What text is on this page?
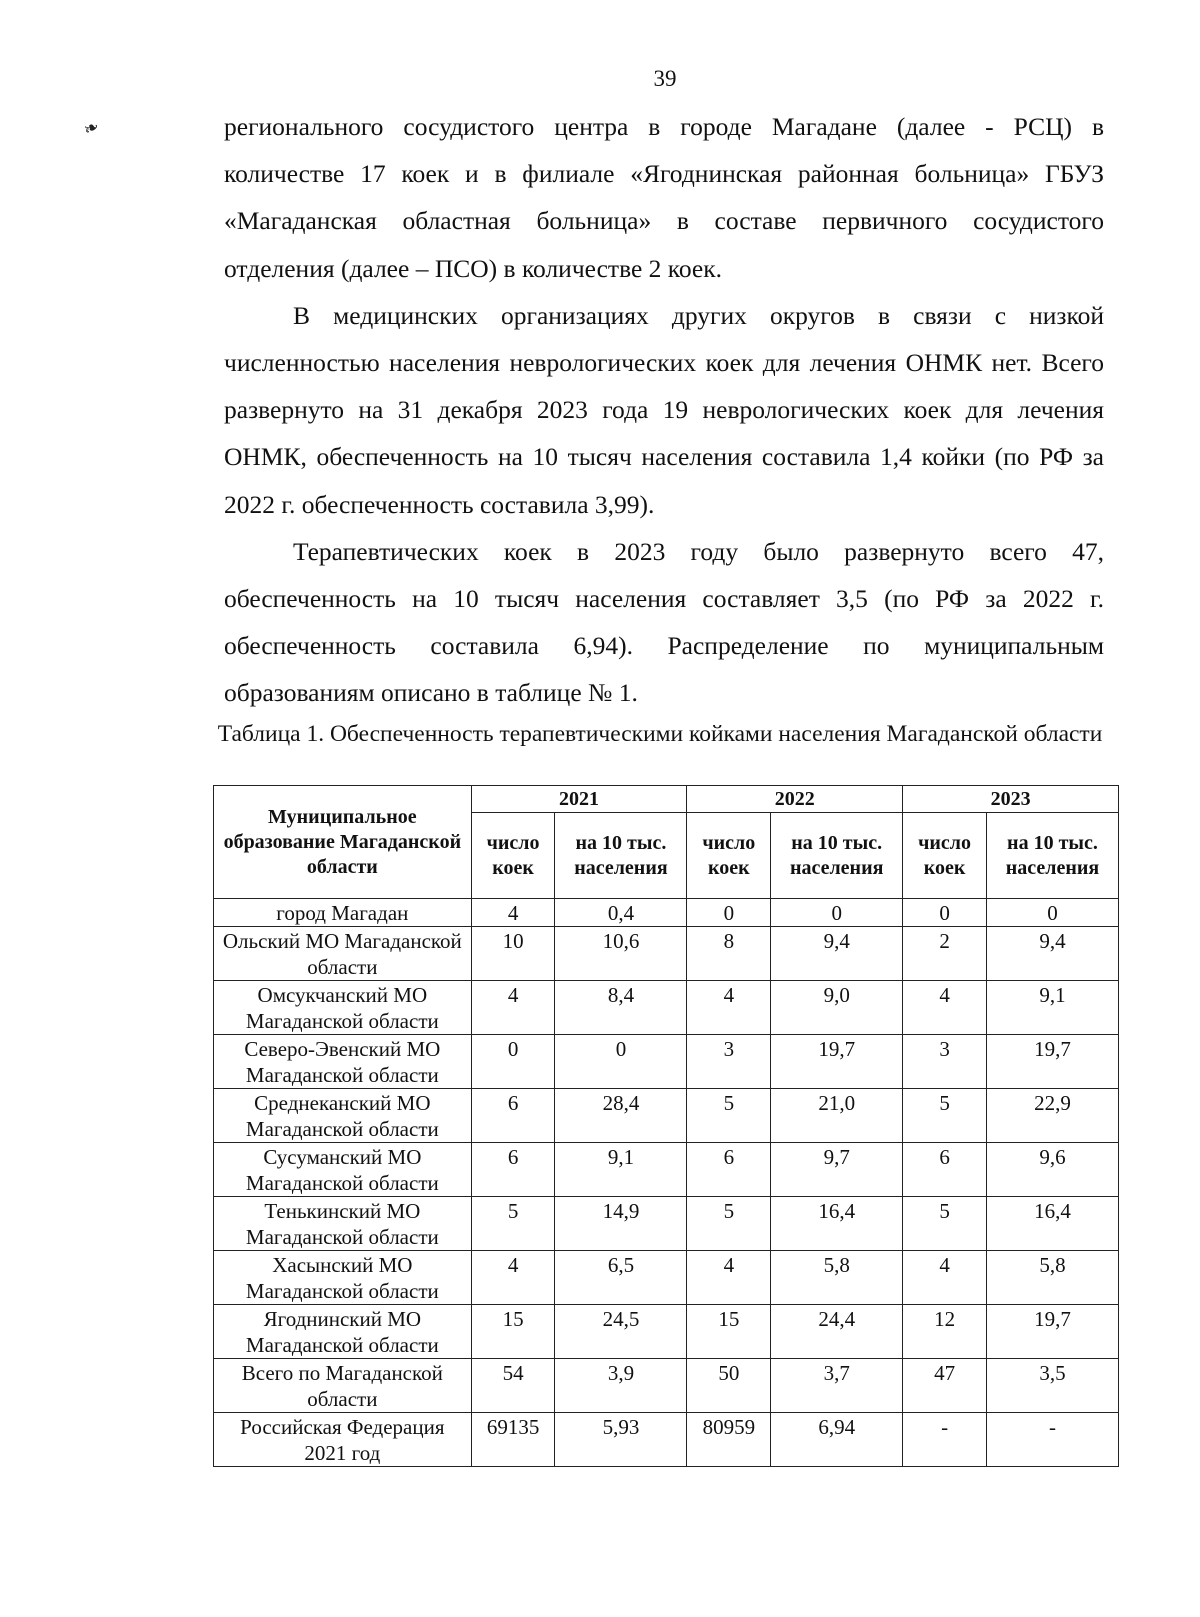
39
❧	регионального сосудистого центра в городе Магадане (далее - РСЦ) в количестве 17 коек и в филиале «Ягоднинская районная больница» ГБУЗ «Магаданская областная больница» в составе первичного сосудистого отделения (далее – ПСО) в количестве 2 коек.

В медицинских организациях других округов в связи с низкой численностью населения неврологических коек для лечения ОНМК нет. Всего развернуто на 31 декабря 2023 года 19 неврологических коек для лечения ОНМК, обеспеченность на 10 тысяч населения составила 1,4 койки (по РФ за 2022 г. обеспеченность составила 3,99).

Терапевтических коек в 2023 году было развернуто всего 47, обеспеченность на 10 тысяч населения составляет 3,5 (по РФ за 2022 г. обеспеченность составила 6,94). Распределение по муниципальным образованиям описано в таблице № 1.

Таблица 1. Обеспеченность терапевтическими койками населения Магаданской области
Муниципальное образование Магаданской области	2021		2022		2023	
	число коек	на 10 тыс. населения	число коек	на 10 тыс. населения	число коек	на 10 тыс. населения
город Магадан	4	0,4	0	0	0	0
Ольский МО Магаданской области	10	10,6	8	9,4	2	9,4
Омсукчанский МО Магаданской области	4	8,4	4	9,0	4	9,1
Северо-Эвенский МО Магаданской области	0	0	3	19,7	3	19,7
Среднеканский МО Магаданской области	6	28,4	5	21,0	5	22,9
Сусуманский МО Магаданской области	6	9,1	6	9,7	6	9,6
Тенькинский МО Магаданской области	5	14,9	5	16,4	5	16,4
Хасынский МО Магаданской области	4	6,5	4	5,8	4	5,8
Ягоднинский МО Магаданской области	15	24,5	15	24,4	12	19,7
Всего по Магаданской области	54	3,9	50	3,7	47	3,5
Российская Федерация 2021 год	69135	5,93	80959	6,94	-	-
